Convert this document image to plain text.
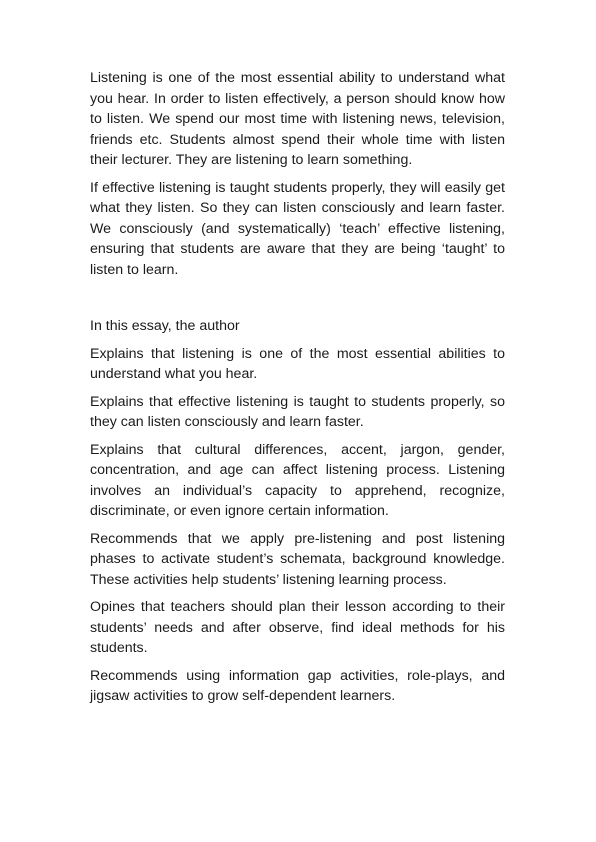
Listening is one of the most essential ability to understand what you hear. In order to listen effectively, a person should know how to listen. We spend our most time with listening news, television, friends etc. Students almost spend their whole time with listen their lecturer. They are listening to learn something.

If effective listening is taught students properly, they will easily get what they listen. So they can listen consciously and learn faster. We consciously (and systematically) ‘teach’ effective listening, ensuring that students are aware that they are being ‘taught’ to listen to learn.

In this essay, the author

Explains that listening is one of the most essential abilities to understand what you hear.

Explains that effective listening is taught to students properly, so they can listen consciously and learn faster.

Explains that cultural differences, accent, jargon, gender, concentration, and age can affect listening process. Listening involves an individual’s capacity to apprehend, recognize, discriminate, or even ignore certain information.

Recommends that we apply pre-listening and post listening phases to activate student’s schemata, background knowledge. These activities help students’ listening learning process.

Opines that teachers should plan their lesson according to their students’ needs and after observe, find ideal methods for his students.

Recommends using information gap activities, role-plays, and jigsaw activities to grow self-dependent learners.
